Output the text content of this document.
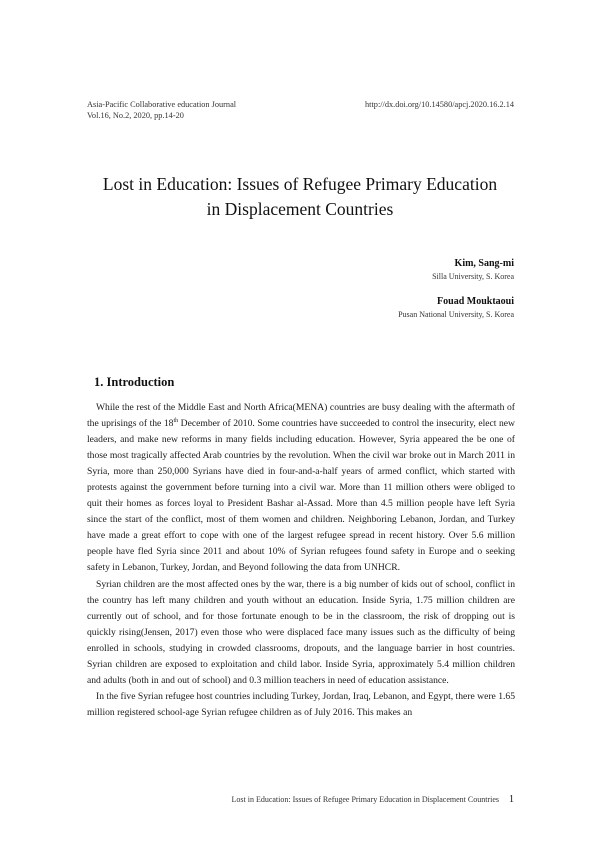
Asia-Pacific Collaborative education Journal
Vol.16, No.2, 2020, pp.14-20
http://dx.doi.org/10.14580/apcj.2020.16.2.14
Lost in Education: Issues of Refugee Primary Education
in Displacement Countries
Kim, Sang-mi
Silla University, S. Korea
Fouad Mouktaoui
Pusan National University, S. Korea
1. Introduction

While the rest of the Middle East and North Africa(MENA) countries are busy dealing with the aftermath of the uprisings of the 18th December of 2010. Some countries have succeeded to control the insecurity, elect new leaders, and make new reforms in many fields including education. However, Syria appeared the be one of those most tragically affected Arab countries by the revolution. When the civil war broke out in March 2011 in Syria, more than 250,000 Syrians have died in four-and-a-half years of armed conflict, which started with protests against the government before turning into a civil war. More than 11 million others were obliged to quit their homes as forces loyal to President Bashar al-Assad. More than 4.5 million people have left Syria since the start of the conflict, most of them women and children. Neighboring Lebanon, Jordan, and Turkey have made a great effort to cope with one of the largest refugee spread in recent history. Over 5.6 million people have fled Syria since 2011 and about 10% of Syrian refugees found safety in Europe and o seeking safety in Lebanon, Turkey, Jordan, and Beyond following the data from UNHCR.

Syrian children are the most affected ones by the war, there is a big number of kids out of school, conflict in the country has left many children and youth without an education. Inside Syria, 1.75 million children are currently out of school, and for those fortunate enough to be in the classroom, the risk of dropping out is quickly rising(Jensen, 2017) even those who were displaced face many issues such as the difficulty of being enrolled in schools, studying in crowded classrooms, dropouts, and the language barrier in host countries. Syrian children are exposed to exploitation and child labor. Inside Syria, approximately 5.4 million children and adults (both in and out of school) and 0.3 million teachers in need of education assistance.

In the five Syrian refugee host countries including Turkey, Jordan, Iraq, Lebanon, and Egypt, there were 1.65 million registered school-age Syrian refugee children as of July 2016. This makes an

Lost in Education: Issues of Refugee Primary Education in Displacement Countries 1
